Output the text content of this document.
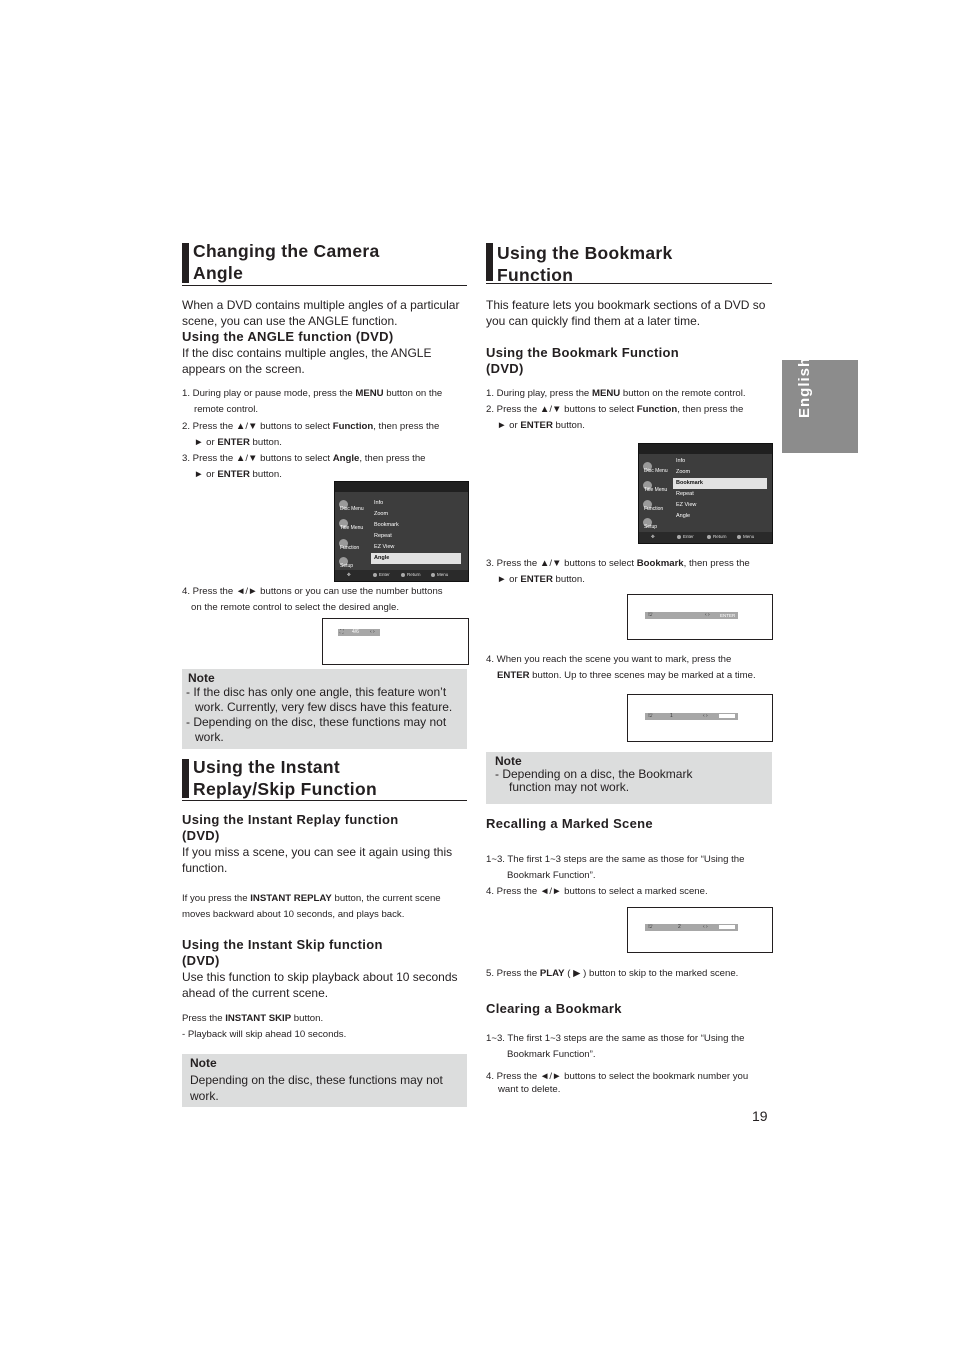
Changing the Camera
Angle
When a DVD contains multiple angles of a particular scene, you can use the ANGLE function.
Using the ANGLE function (DVD)
If the disc contains multiple angles, the ANGLE appears on the screen.
1. During play or pause mode, press the MENU button on the
remote control.
2. Press the ▲/▼ buttons to select Function, then press the
► or ENTER button.
3. Press the ▲/▼ buttons to select Angle, then press the
► or ENTER button.
Disc Menu
Title Menu
Function
Setup
Info
Zoom
Bookmark
Repeat
EZ View
Angle
✥	Enter	Return	Menu
4. Press the ◄/► buttons or you can use the number buttons
on the remote control to select the desired angle.
⛶ 4/6 ‹ ›
Note
- If the disc has only one angle, this feature won’t
work. Currently, very few discs have this feature.
- Depending on the disc, these functions may not
work.
Using the Instant
Replay/Skip Function
Using the Instant Replay function
(DVD)
If you miss a scene, you can see it again using this function.
If you press the INSTANT REPLAY button, the current scene
moves backward about 10 seconds, and plays back.
Using the Instant Skip function
(DVD)
Use this function to skip playback about 10 seconds ahead of the current scene.
Press the INSTANT SKIP button.
- Playback will skip ahead 10 seconds.
Note
Depending on the disc, these functions may not work.
Using the Bookmark
Function
This feature lets you bookmark sections of a DVD so you can quickly find them at a later time.
Using the Bookmark Function
(DVD)
1. During play, press the MENU button on the remote control.
2. Press the ▲/▼ buttons to select Function, then press the
► or ENTER button.
Disc Menu
Title Menu
Function
Setup
Info
Zoom
Bookmark
Repeat
EZ View
Angle
✥	Enter	Return	Menu
3. Press the ▲/▼ buttons to select Bookmark, then press the
► or ENTER button.
⛫	‹ › ENTER
4. When you reach the scene you want to mark, press the
ENTER button. Up to three scenes may be marked at a time.
⛫	1	‹ ›
Note
- Depending on a disc, the Bookmark
function may not work.
Recalling a Marked Scene
1~3. The first 1~3 steps are the same as those for “Using the
Bookmark Function”.
4. Press the ◄/► buttons to select a marked scene.
⛫	2	‹ ›
5. Press the PLAY ( ▶ ) button to skip to the marked scene.
Clearing a Bookmark
1~3. The first 1~3 steps are the same as those for “Using the
Bookmark Function”.
4. Press the ◄/► buttons to select the bookmark number you
want to delete.
19
English
